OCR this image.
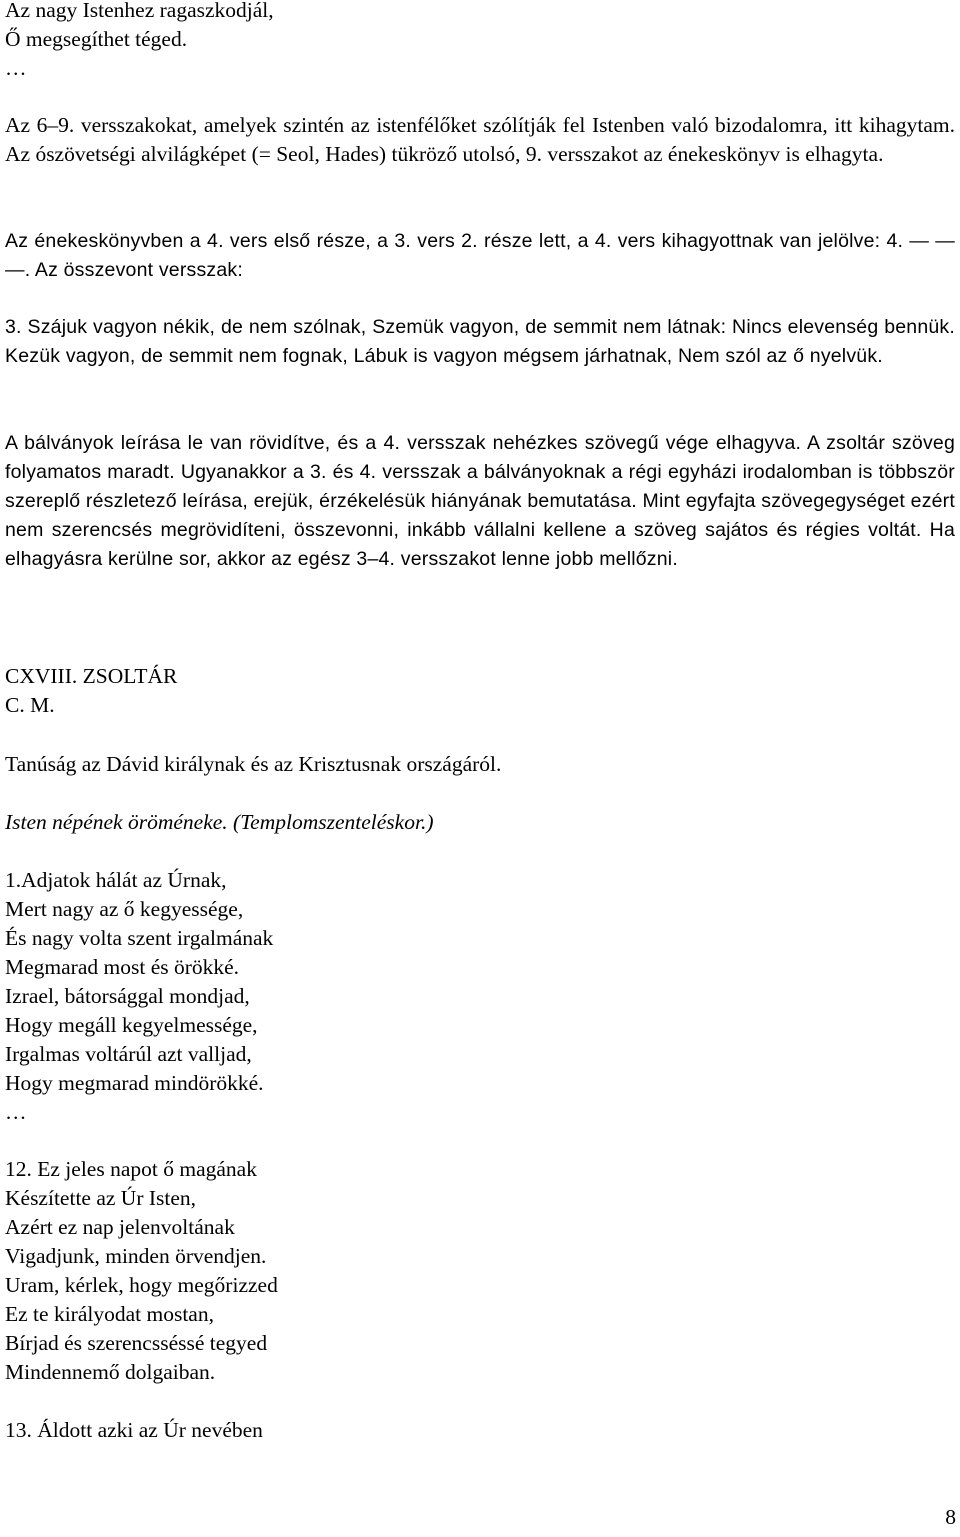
Az nagy Istenhez ragaszkodjál,
Ő megsegíthet téged.
…
Az 6–9. versszakokat, amelyek szintén az istenfélőket szólítják fel Istenben való bizodalomra, itt kihagytam. Az ószövetségi alvilágképet (= Seol, Hades) tükröző utolsó, 9. versszakot az énekeskönyv is elhagyta.
Az énekeskönyvben a 4. vers első része, a 3. vers 2. része lett, a 4. vers kihagyottnak van jelölve: 4. — — —. Az összevont versszak:
3. Szájuk vagyon nékik, de nem szólnak, Szemük vagyon, de semmit nem látnak: Nincs elevenség bennük. Kezük vagyon, de semmit nem fognak, Lábuk is vagyon mégsem járhatnak, Nem szól az ő nyelvük.
A bálványok leírása le van rövidítve, és a 4. versszak nehézkes szövegű vége elhagyva. A zsoltár szöveg folyamatos maradt. Ugyanakkor a 3. és 4. versszak a bálványoknak a régi egyházi irodalomban is többször szereplő részletező leírása, erejük, érzékelésük hiányának bemutatása. Mint egyfajta szövegegységet ezért nem szerencsés megrövidíteni, összevonni, inkább vállalni kellene a szöveg sajátos és régies voltát. Ha elhagyásra kerülne sor, akkor az egész 3–4. versszakot lenne jobb mellőzni.
CXVIII. ZSOLTÁR
C. M.
Tanúság az Dávid királynak és az Krisztusnak országáról.
Isten népének öröméneke. (Templomszenteléskor.)
1.Adjatok hálát az Úrnak,
Mert nagy az ő kegyessége,
És nagy volta szent irgalmának
Megmarad most és örökké.
Izrael, bátorsággal mondjad,
Hogy megáll kegyelmessége,
Irgalmas voltárúl azt valljad,
Hogy megmarad mindörökké.
…
12. Ez jeles napot ő magának
Készítette az Úr Isten,
Azért ez nap jelenvoltának
Vigadjunk, minden örvendjen.
Uram, kérlek, hogy megőrizzed
Ez te királyodat mostan,
Bírjad és szerencsséssé tegyed
Mindennemő dolgaiban.
13. Áldott azki az Úr nevében
8
